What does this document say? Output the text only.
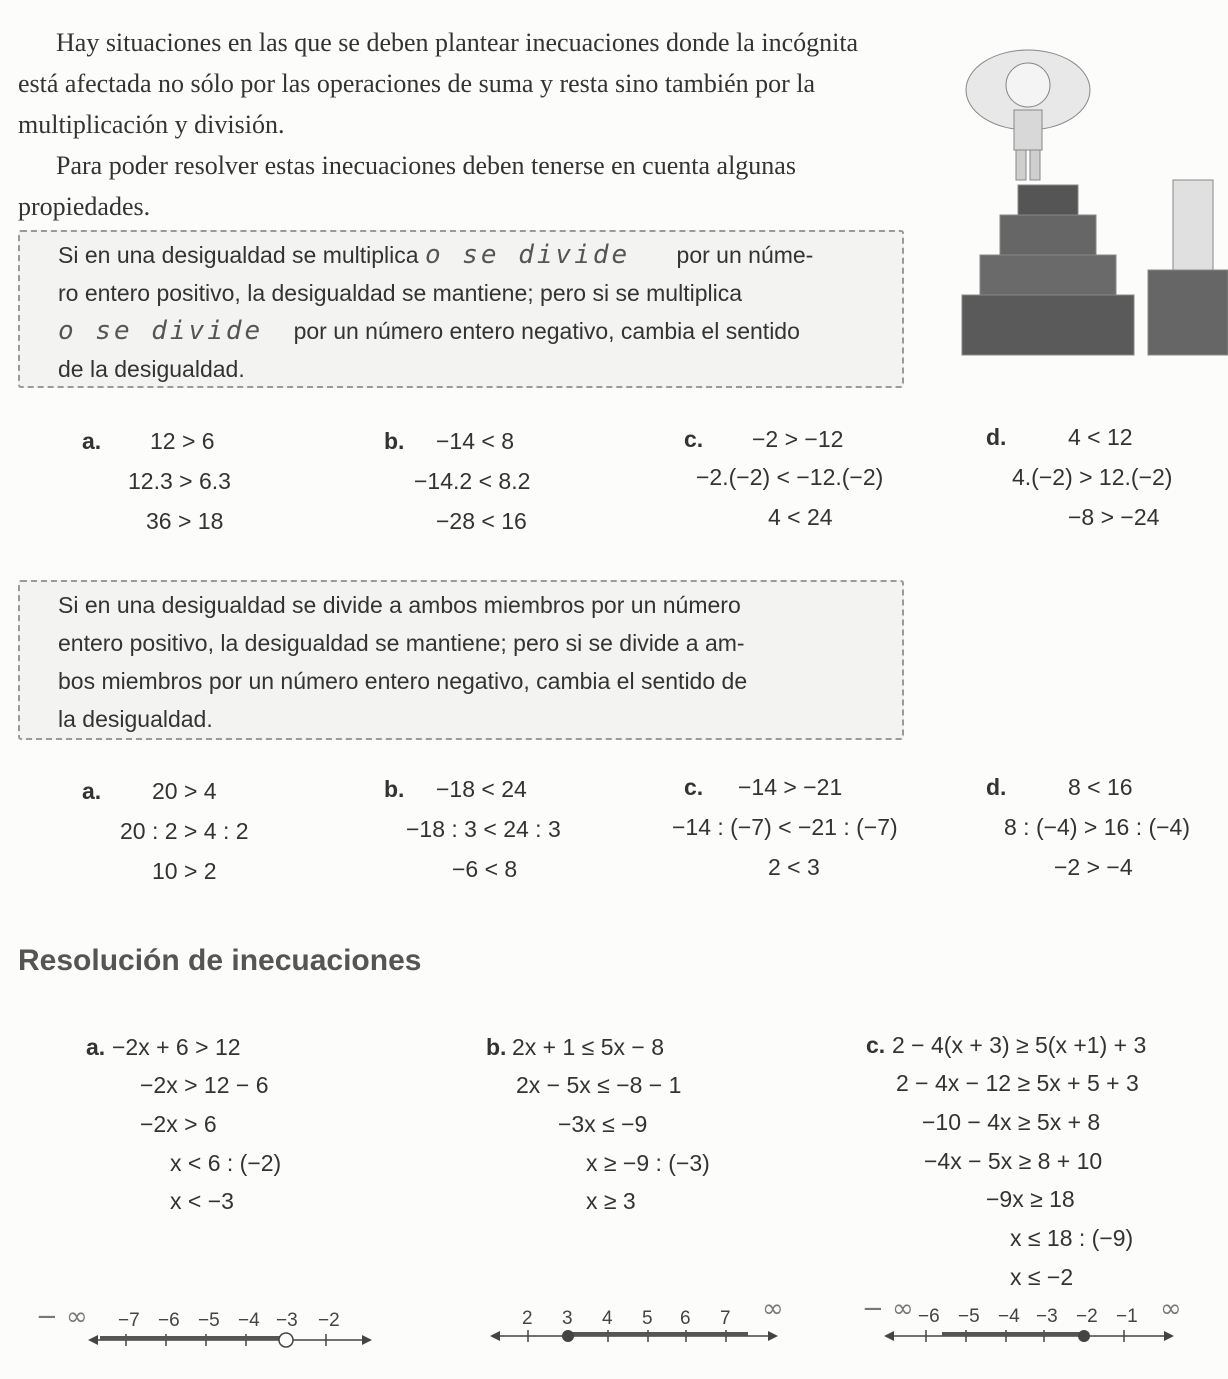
Hay situaciones en las que se deben plantear inecuaciones donde la incógnita está afectada no sólo por las operaciones de suma y resta sino también por la multiplicación y división.

Para poder resolver estas inecuaciones deben tenerse en cuenta algunas propiedades.

Si en una desigualdad se multiplica o se divide por un núme-
ro entero positivo, la desigualdad se mantiene; pero si se multiplica
o se divide por un número entero negativo, cambia el sentido
de la desigualdad.
a. 12 > 6
12.3 > 6.3
36 > 18
b. −14 < 8
−14.2 < 8.2
−28 < 16
c. −2 > −12
−2.(−2) < −12.(−2)
4 < 24
d.	4 < 12
4.(−2) > 12.(−2)
−8 > −24
Si en una desigualdad se divide a ambos miembros por un número
entero positivo, la desigualdad se mantiene; pero si se divide a am-
bos miembros por un número entero negativo, cambia el sentido de
la desigualdad.
a. 20 > 4
20 : 2 > 4 : 2
10 > 2
b. −18 < 24
−18 : 3 < 24 : 3
−6 < 8
c. −14 > −21
−14 : (−7) < −21 : (−7)
2 < 3
d.	8 < 16
8 : (−4) > 16 : (−4)
−2 > −4
Resolución de inecuaciones
a. −2x + 6 > 12
−2x > 12 − 6
−2x > 6
x < 6 : (−2)
x < −3
b. 2x + 1 ≤ 5x − 8
2x − 5x ≤ −8 − 1
−3x ≤ −9
x ≥ −9 : (−3)
x ≥ 3
c. 2 − 4(x + 3) ≥ 5(x +1) + 3
2 − 4x − 12 ≥ 5x + 5 + 3
−10 − 4x ≥ 5x + 8
−4x − 5x ≥ 8 + 10
−9x ≥ 18
x ≤ 18 : (−9)
x ≤ −2
− ∞ −7 −6 −5 −4 −3 −2	∞
2 3 4 5 6 7	− ∞	∞
−6 −5 −4 −3 −2 −1
